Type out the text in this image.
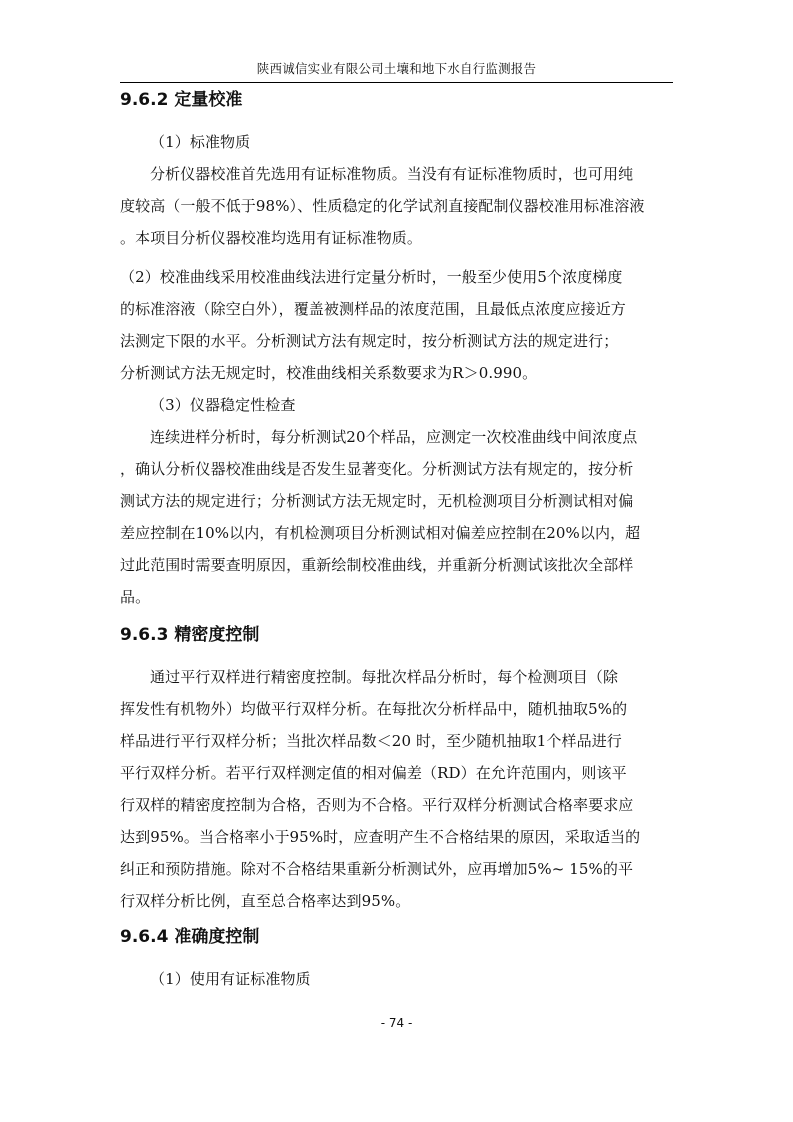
陕西诚信实业有限公司土壤和地下水自行监测报告
9.6.2 定量校准
（1）标准物质
分析仪器校准首先选用有证标准物质。当没有有证标准物质时，也可用纯
度较高（一般不低于98%）、性质稳定的化学试剂直接配制仪器校准用标准溶液
。本项目分析仪器校准均选用有证标准物质。
（2）校准曲线采用校准曲线法进行定量分析时，一般至少使用5个浓度梯度
的标准溶液（除空白外），覆盖被测样品的浓度范围，且最低点浓度应接近方
法测定下限的水平。分析测试方法有规定时，按分析测试方法的规定进行；
分析测试方法无规定时，校准曲线相关系数要求为R＞0.990。
（3）仪器稳定性检查
连续进样分析时，每分析测试20个样品，应测定一次校准曲线中间浓度点
，确认分析仪器校准曲线是否发生显著变化。分析测试方法有规定的，按分析
测试方法的规定进行；分析测试方法无规定时，无机检测项目分析测试相对偏
差应控制在10%以内，有机检测项目分析测试相对偏差应控制在20%以内，超
过此范围时需要查明原因，重新绘制校准曲线，并重新分析测试该批次全部样
品。
9.6.3 精密度控制
通过平行双样进行精密度控制。每批次样品分析时，每个检测项目（除
挥发性有机物外）均做平行双样分析。在每批次分析样品中，随机抽取5%的
样品进行平行双样分析；当批次样品数＜20 时，至少随机抽取1个样品进行
平行双样分析。若平行双样测定值的相对偏差（RD）在允许范围内，则该平
行双样的精密度控制为合格，否则为不合格。平行双样分析测试合格率要求应
达到95%。当合格率小于95%时，应查明产生不合格结果的原因，采取适当的
纠正和预防措施。除对不合格结果重新分析测试外，应再增加5%~ 15%的平
行双样分析比例，直至总合格率达到95%。
9.6.4 准确度控制
（1）使用有证标准物质
- 74 -
